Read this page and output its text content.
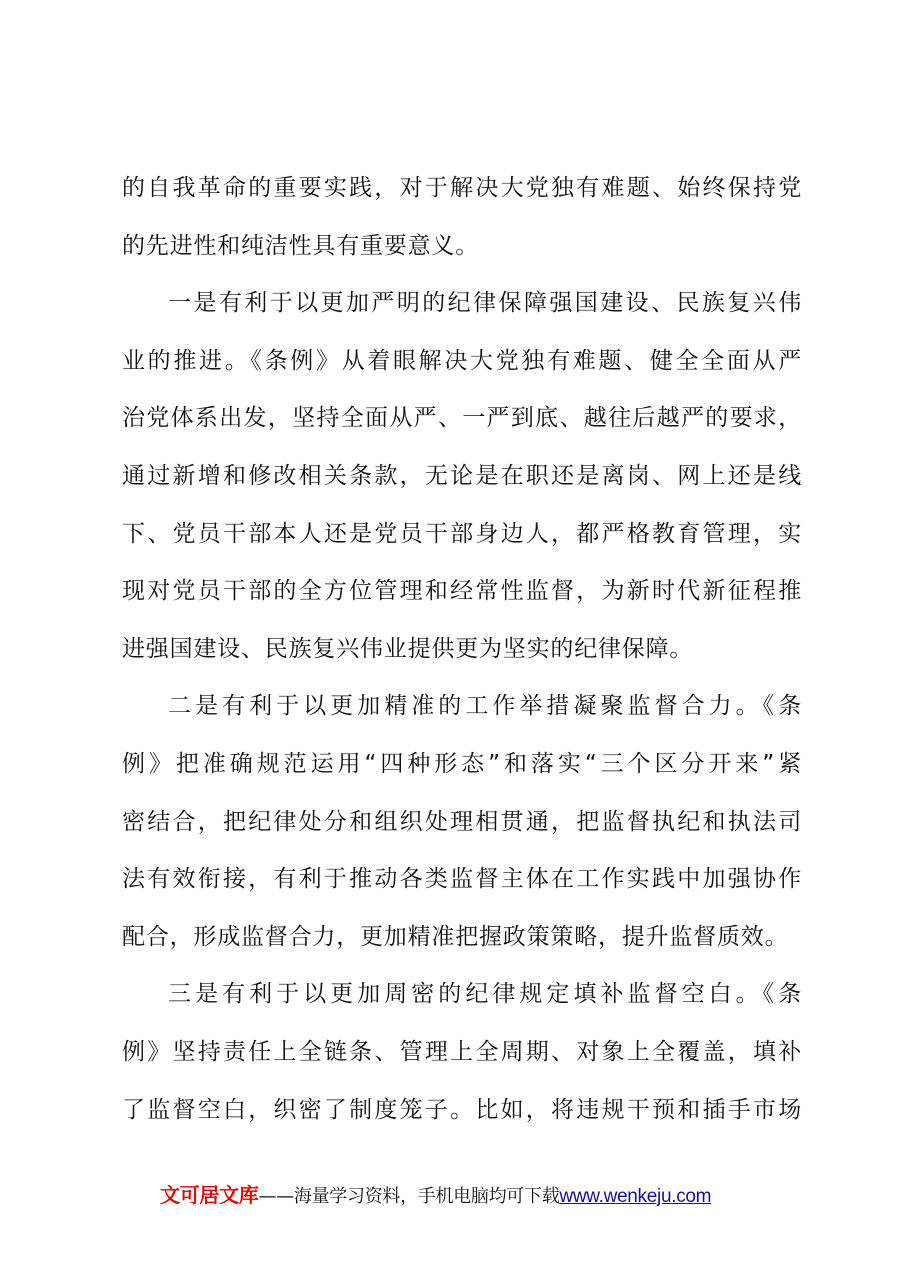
的自我革命的重要实践，对于解决大党独有难题、始终保持党
的先进性和纯洁性具有重要意义。
一是有利于以更加严明的纪律保障强国建设、民族复兴伟
业的推进。《条例》从着眼解决大党独有难题、健全全面从严
治党体系出发，坚持全面从严、一严到底、越往后越严的要求，
通过新增和修改相关条款，无论是在职还是离岗、网上还是线
下、党员干部本人还是党员干部身边人，都严格教育管理，实
现对党员干部的全方位管理和经常性监督，为新时代新征程推
进强国建设、民族复兴伟业提供更为坚实的纪律保障。
二是有利于以更加精准的工作举措凝聚监督合力。《条
例》把准确规范运用“四种形态”和落实“三个区分开来”紧
密结合，把纪律处分和组织处理相贯通，把监督执纪和执法司
法有效衔接，有利于推动各类监督主体在工作实践中加强协作
配合，形成监督合力，更加精准把握政策策略，提升监督质效。
三是有利于以更加周密的纪律规定填补监督空白。《条
例》坚持责任上全链条、管理上全周期、对象上全覆盖，填补
了监督空白，织密了制度笼子。比如，将违规干预和插手市场
文可居文库——海量学习资料，手机电脑均可下载www.wenkeju.com
